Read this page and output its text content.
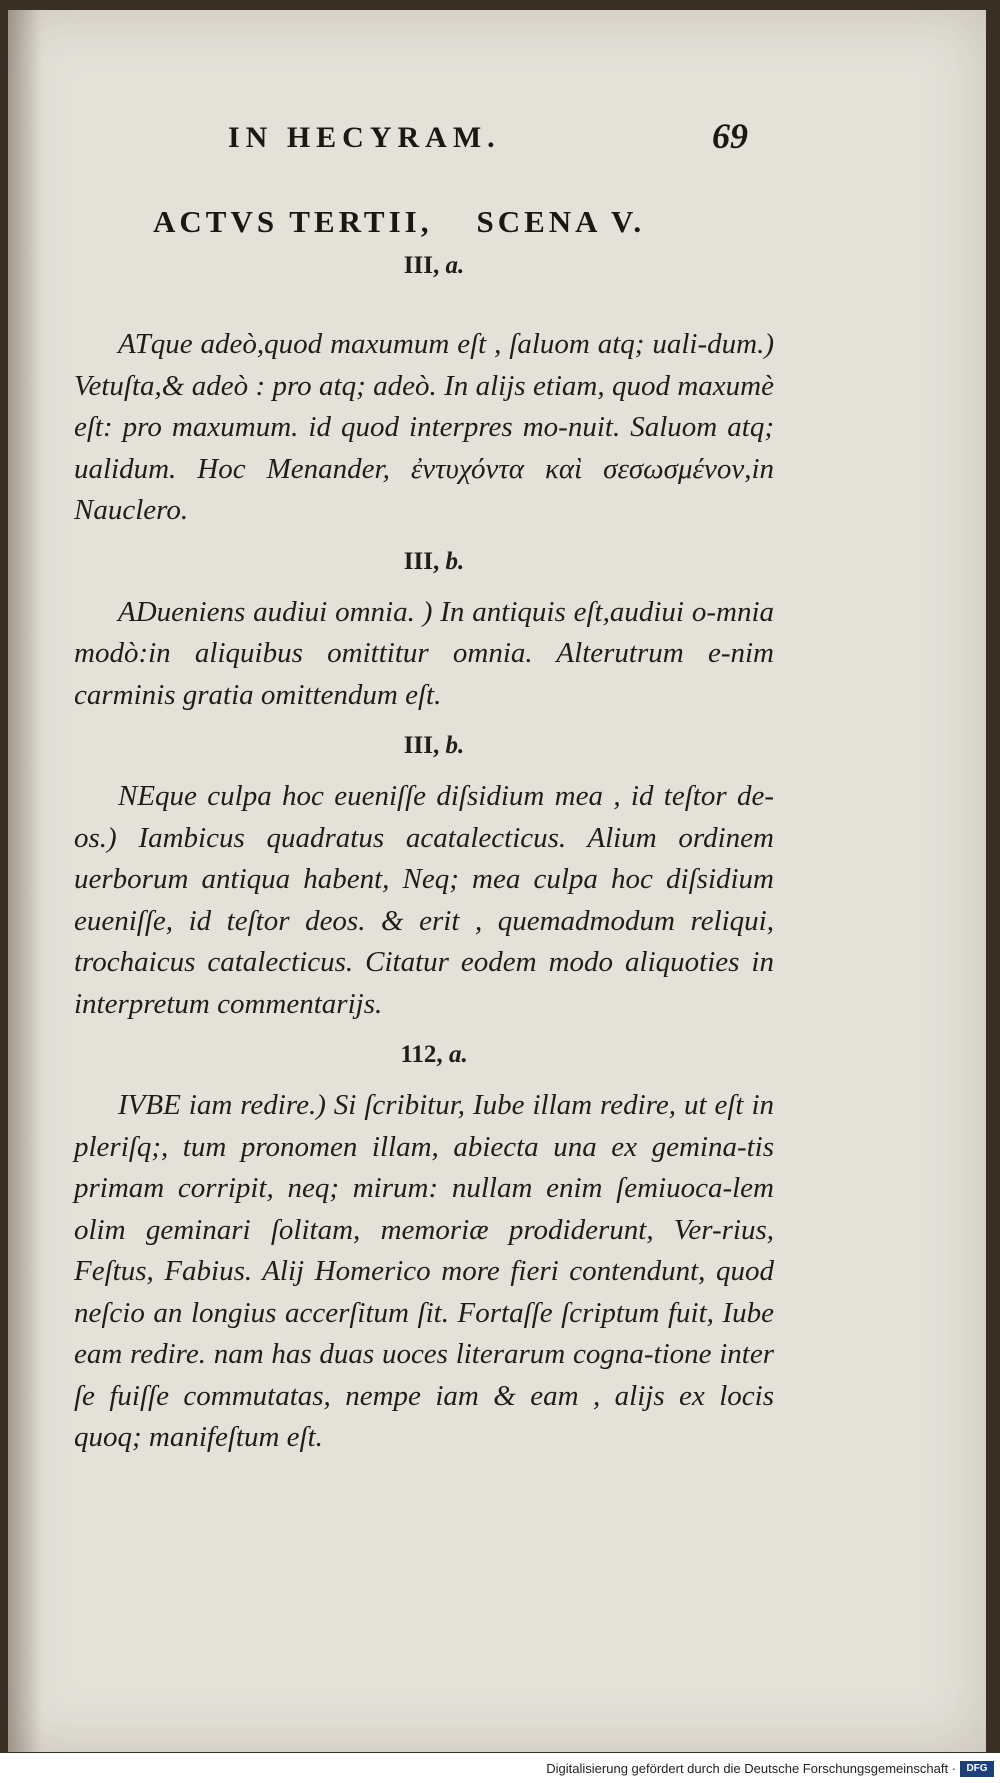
IN HECYRAM.	69
ACTVS TERTII, SCENA V.
III, a.

ATque adeò,quod maxumum eſt , ſaluom atq; uali-dum.) Vetuſta,& adeò : pro atq; adeò. In alijs etiam, quod maxumè eſt: pro maxumum. id quod interpres mo-nuit. Saluom atq; ualidum. Hoc Menander, ἐντυχόντα καὶ σεσωσμένον,in Nauclero.

III, b.

ADueniens audiui omnia. ) In antiquis eſt,audiui o-mnia modò:in aliquibus omittitur omnia. Alterutrum e-nim carminis gratia omittendum eſt.

III, b.

NEque culpa hoc eueniſſe diſsidium mea , id teſtor de-os.) Iambicus quadratus acatalecticus. Alium ordinem uerborum antiqua habent, Neq; mea culpa hoc diſsidium eueniſſe, id teſtor deos. & erit , quemadmodum reliqui, trochaicus catalecticus. Citatur eodem modo aliquoties in interpretum commentarijs.

112, a.

IVBE iam redire.) Si ſcribitur, Iube illam redire, ut eſt in pleriſq;, tum pronomen illam, abiecta una ex gemina-tis primam corripit, neq; mirum: nullam enim ſemiuoca-lem olim geminari ſolitam, memoriæ prodiderunt, Ver-rius, Feſtus, Fabius. Alij Homerico more fieri contendunt, quod neſcio an longius accerſitum ſit. Fortaſſe ſcriptum fuit, Iube eam redire. nam has duas uoces literarum cogna-tione inter ſe fuiſſe commutatas, nempe iam & eam , alijs ex locis quoq; manifeſtum eſt.

Digitalisierung gefördert durch die Deutsche Forschungsgemeinschaft ·	DFG
